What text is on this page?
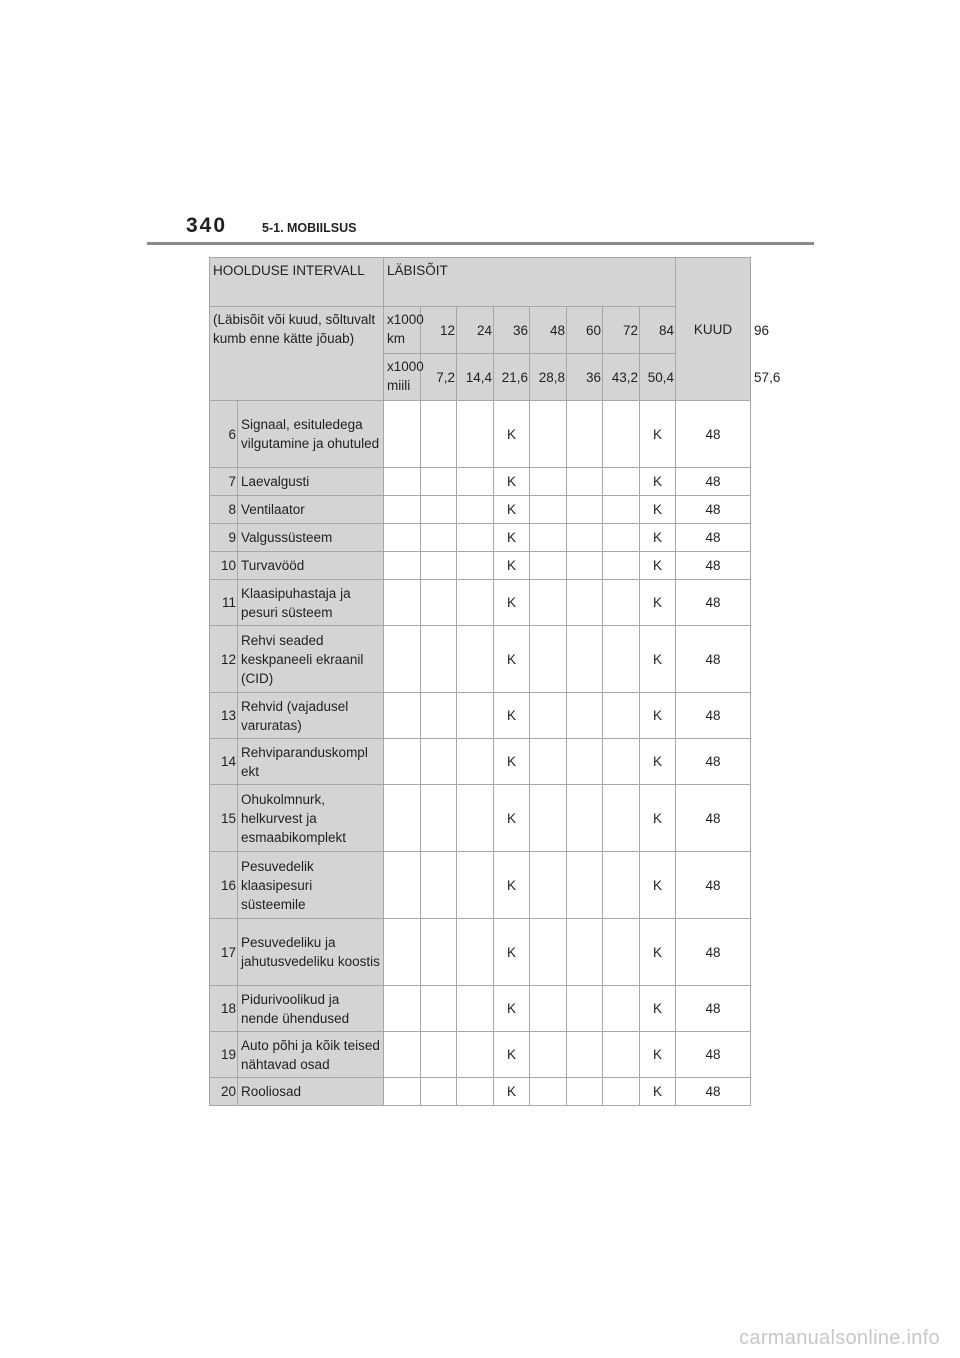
340	5-1. MOBIILSUS
HOOLDUSE INTERVALL		LÄBISÕIT								KUUD	
(Läbisõit või kuud, sõltuvalt kumb enne kätte jõuab)		x1000 km	12	24	36	48	60	72	84		96
		x1000 miili	7,2	14,4	21,6	28,8	36	43,2	50,4		57,6
6	Signaal, esituledega vilgutamine ja ohutuled				K				K	48	
7	Laevalgusti				K				K	48	
8	Ventilaator				K				K	48	
9	Valgussüsteem				K				K	48	
10	Turvavööd				K				K	48	
11	Klaasipuhastaja ja pesuri süsteem				K				K	48	
12	Rehvi seaded keskpaneeli ekraanil (CID)				K				K	48	
13	Rehvid (vajadusel varuratas)				K				K	48	
14	Rehviparanduskompl ekt				K				K	48	
15	Ohukolmnurk, helkurvest ja esmaabikomplekt				K				K	48	
16	Pesuvedelik klaasipesuri süsteemile				K				K	48	
17	Pesuvedeliku ja jahutusvedeliku koostis				K				K	48	
18	Pidurivoolikud ja nende ühendused				K				K	48	
19	Auto põhi ja kõik teised nähtavad osad				K				K	48	
20	Rooliosad				K				K	48	
carmanualsonline.info
